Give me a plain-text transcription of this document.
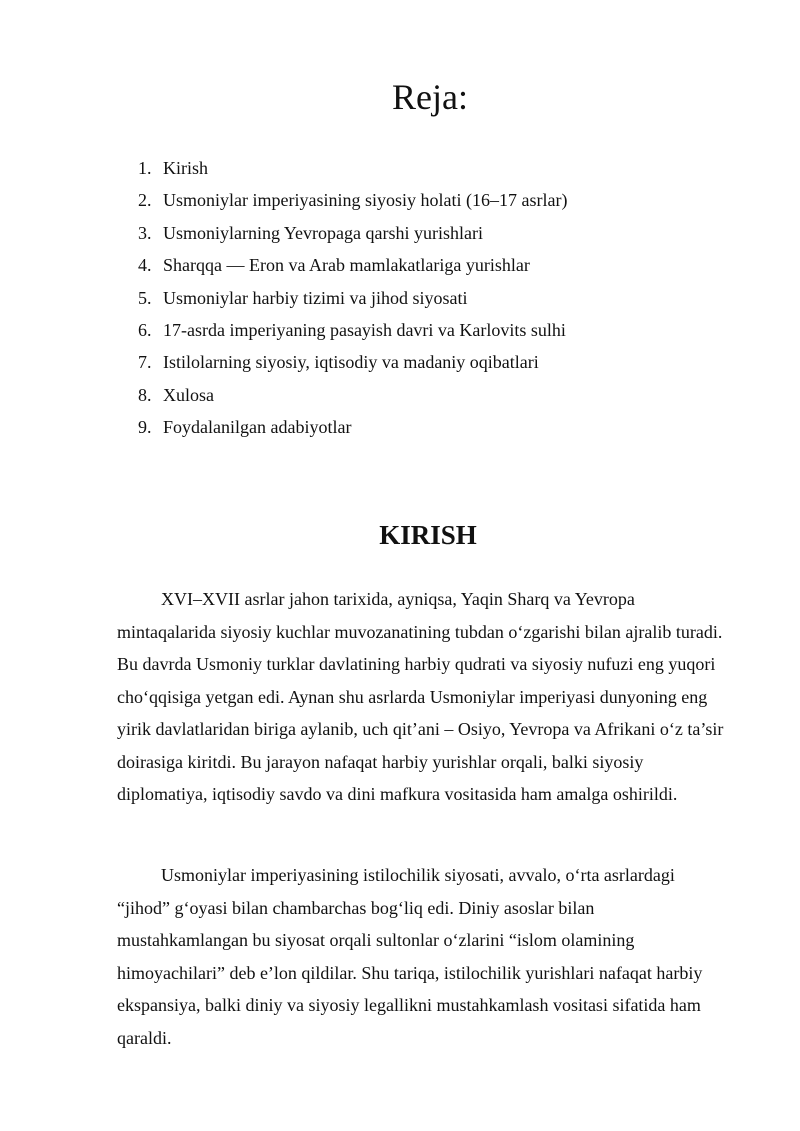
Reja:
1. Kirish
2. Usmoniylar imperiyasining siyosiy holati (16–17 asrlar)
3. Usmoniylarning Yevropaga qarshi yurishlari
4. Sharqqa — Eron va Arab mamlakatlariga yurishlar
5. Usmoniylar harbiy tizimi va jihod siyosati
6. 17-asrda imperiyaning pasayish davri va Karlovits sulhi
7. Istilolarning siyosiy, iqtisodiy va madaniy oqibatlari
8. Xulosa
9. Foydalanilgan adabiyotlar
KIRISH

XVI–XVII asrlar jahon tarixida, ayniqsa, Yaqin Sharq va Yevropa mintaqalarida siyosiy kuchlar muvozanatining tubdan o‘zgarishi bilan ajralib turadi. Bu davrda Usmoniy turklar davlatining harbiy qudrati va siyosiy nufuzi eng yuqori cho‘qqisiga yetgan edi. Aynan shu asrlarda Usmoniylar imperiyasi dunyoning eng yirik davlatlaridan biriga aylanib, uch qit’ani – Osiyo, Yevropa va Afrikani o‘z ta’sir doirasiga kiritdi. Bu jarayon nafaqat harbiy yurishlar orqali, balki siyosiy diplomatiya, iqtisodiy savdo va dini mafkura vositasida ham amalga oshirildi.

Usmoniylar imperiyasining istilochilik siyosati, avvalo, o‘rta asrlardagi “jihod” g‘oyasi bilan chambarchas bog‘liq edi. Diniy asoslar bilan mustahkamlangan bu siyosat orqali sultonlar o‘zlarini “islom olamining himoyachilari” deb e’lon qildilar. Shu tariqa, istilochilik yurishlari nafaqat harbiy ekspansiya, balki diniy va siyosiy legallikni mustahkamlash vositasi sifatida ham qaraldi.
